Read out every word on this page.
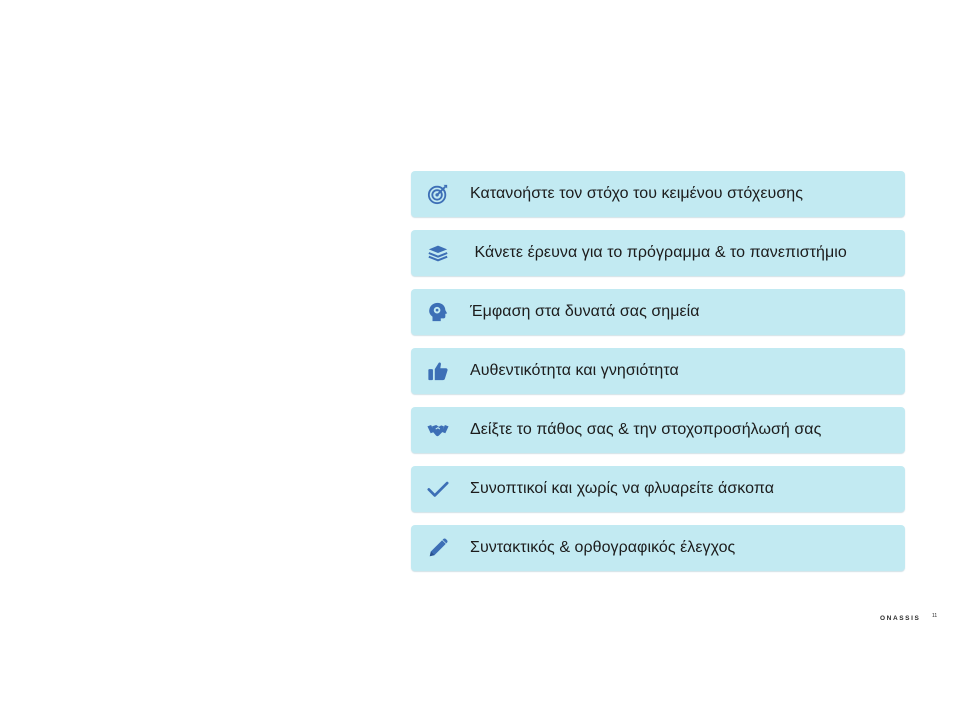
Κατανοήστε τον στόχο του κειμένου στόχευσης
Κάνετε έρευνα για το πρόγραμμα & το πανεπιστήμιο
Έμφαση στα δυνατά σας σημεία
Αυθεντικότητα και γνησιότητα
Δείξτε το πάθος σας & την στοχοπροσήλωσή σας
Συνοπτικοί και χωρίς να φλυαρείτε άσκοπα
Συντακτικός & ορθογραφικός έλεγχος
ONASSIS 11
